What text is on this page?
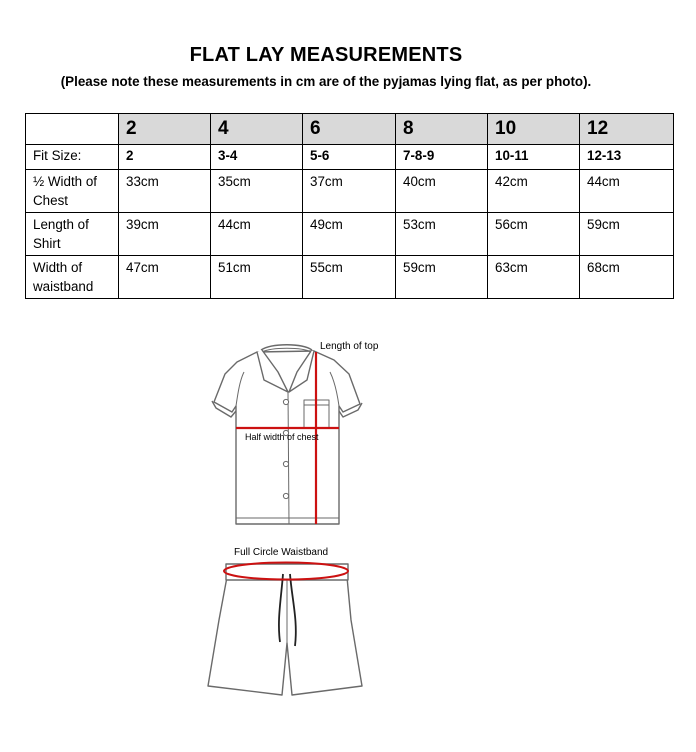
FLAT LAY MEASUREMENTS
(Please note these measurements in cm are of the pyjamas lying flat, as per photo).
	2	4	6	8	10	12
Fit Size:	2	3-4	5-6	7-8-9	10-11	12-13
½ Width of Chest	33cm	35cm	37cm	40cm	42cm	44cm
Length of Shirt	39cm	44cm	49cm	53cm	56cm	59cm
Width of waistband	47cm	51cm	55cm	59cm	63cm	68cm
Length of top
Half width of chest
Full Circle Waistband
